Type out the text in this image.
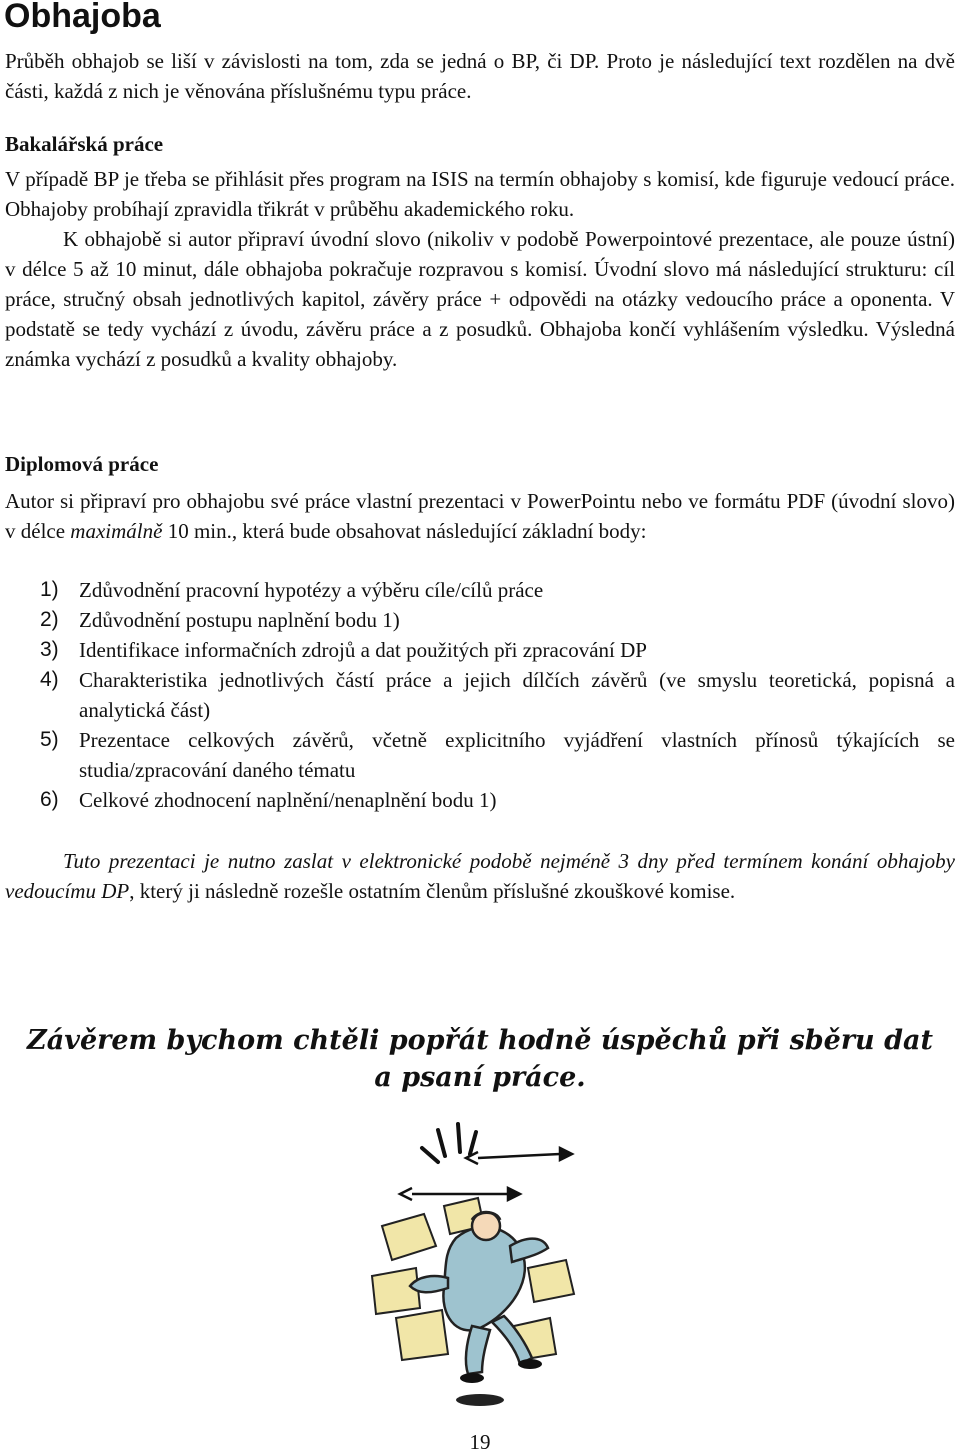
Obhajoba

Průběh obhajob se liší v závislosti na tom, zda se jedná o BP, či DP. Proto je následující text rozdělen na dvě části, každá z nich je věnována příslušnému typu práce.

Bakalářská práce

V případě BP je třeba se přihlásit přes program na ISIS na termín obhajoby s komisí, kde figuruje vedoucí práce. Obhajoby probíhají zpravidla třikrát v průběhu akademického roku.

K obhajobě si autor připraví úvodní slovo (nikoliv v podobě Powerpointové prezentace, ale pouze ústní) v délce 5 až 10 minut, dále obhajoba pokračuje rozpravou s komisí. Úvodní slovo má následující strukturu: cíl práce, stručný obsah jednotlivých kapitol, závěry práce + odpovědi na otázky vedoucího práce a oponenta. V podstatě se tedy vychází z úvodu, závěru práce a z posudků. Obhajoba končí vyhlášením výsledku. Výsledná známka vychází z posudků a kvality obhajoby.

Diplomová práce

Autor si připraví pro obhajobu své práce vlastní prezentaci v PowerPointu nebo ve formátu PDF (úvodní slovo) v délce maximálně 10 min., která bude obsahovat následující základní body:

1) Zdůvodnění pracovní hypotézy a výběru cíle/cílů práce
2) Zdůvodnění postupu naplnění bodu 1)
3) Identifikace informačních zdrojů a dat použitých při zpracování DP
4) Charakteristika jednotlivých částí práce a jejich dílčích závěrů (ve smyslu teoretická, popisná a analytická část)
5) Prezentace celkových závěrů, včetně explicitního vyjádření vlastních přínosů týkajících se studia/zpracování daného tématu
6) Celkové zhodnocení naplnění/nenaplnění bodu 1)

Tuto prezentaci je nutno zaslat v elektronické podobě nejméně 3 dny před termínem konání obhajoby vedoucímu DP, který ji následně rozešle ostatním členům příslušné zkouškové komise.

Závěrem bychom chtěli popřát hodně úspěchů při sběru dat
a psaní práce.

19
